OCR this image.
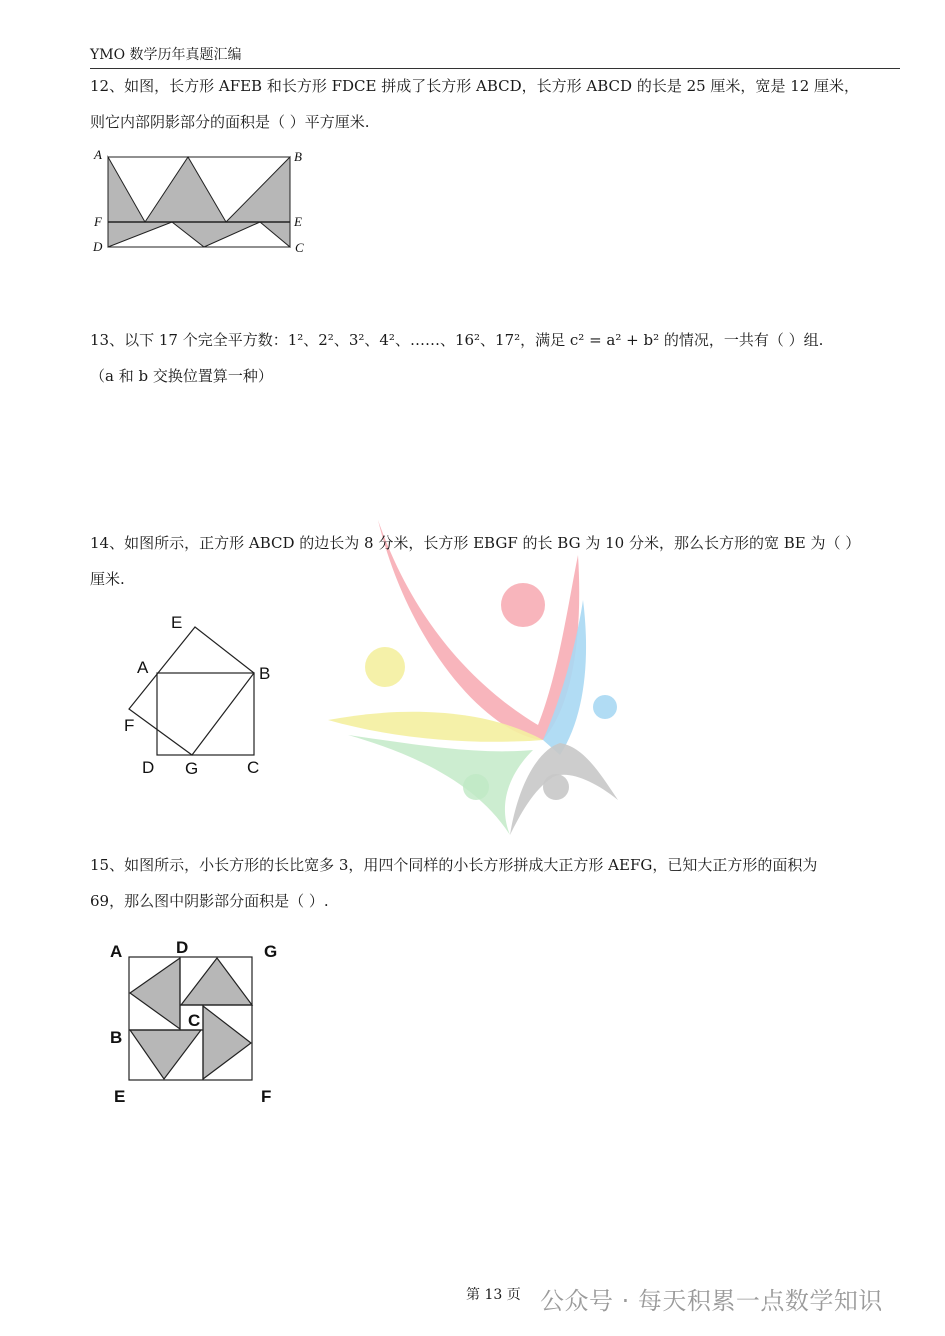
YMO 数学历年真题汇编
12、如图，长方形 AFEB 和长方形 FDCE 拼成了长方形 ABCD，长方形 ABCD 的长是 25 厘米，宽是 12 厘米，
则它内部阴影部分的面积是（ ）平方厘米.
A	B
F	E
D	C
13、以下 17 个完全平方数：1²、2²、3²、4²、……、16²、17²，满足 c² = a² + b² 的情况，一共有（ ）组.
（a 和 b 交换位置算一种）
14、如图所示，正方形 ABCD 的边长为 8 分米，长方形 EBGF 的长 BG 为 10 分米，那么长方形的宽 BE 为（ ）
厘米.
E
A	B
F
D G	C
15、如图所示，小长方形的长比宽多 3，用四个同样的小长方形拼成大正方形 AEFG，已知大正方形的面积为
69，那么图中阴影部分面积是（ ）.
A	D	G
B
C
E	F
第 13 页 公众号 · 每天积累一点数学知识
